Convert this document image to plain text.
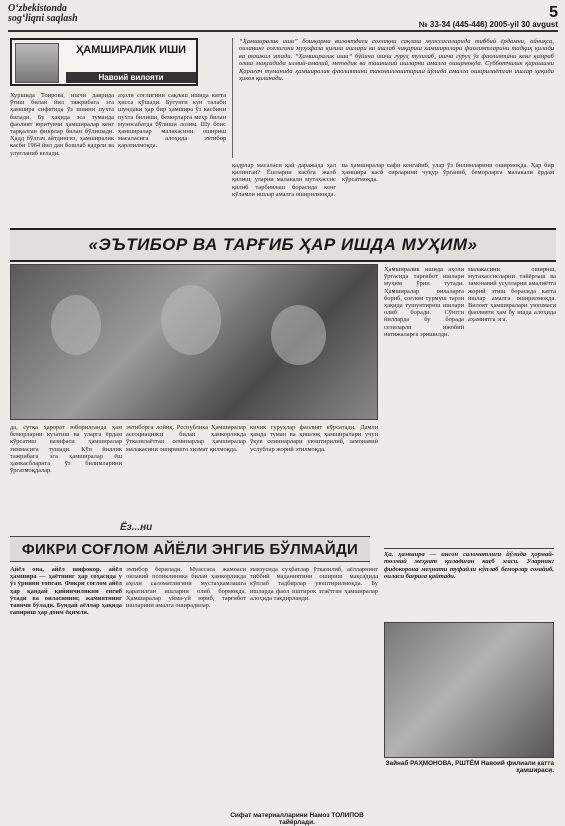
O‘zbekistonda
sog‘liqni saqlash	5
№ 33-34 (445-446) 2005-yil 30 avgust
ҲАМШИРАЛИК ИШИ
Навоий вилояти
“Ҳамширалик иши” бошқарма вилоятдаги соғлиқни сақлаш муассасаларида тиббий ёрдамни, айниқса, оиланинг соғлигини муҳофаза қилиш ишлари ва ишлаб чиқариш хамширалари фаолиятларини тадқиқ қилади ва ташкил этади. “Ҳамширалик иши” бўйича ишчи гуруҳ тузилиб, ишчи гуруҳ ўз фаолиятини кенг қамраб олиш мақсадида илмий-амалий, методик ва ташкилий ишларни амалга оширмоқда. Субботчилик қарашими Қарағач туманида ҳамширалик фаолиятини такомиллаштириш йўлида амалга оширилаётган ишлар ҳақида ҳикоя қилинади.
Хуршида Тоирова, ишчи даврида ўтиш билан йил тажрибага эга ҳамшира сифатида ўз ишини пухта билади. Бу ҳақида эса туманда фаолият юритувчи ҳамширалар кенг тарқалган фикрлар билан бўлишади. Ҳадд бўлгач айтдингиз, ҳамширалик касби 1964 йил дан бошлаб қадрли ва улуғланиб келади.
аҳоли соғлигини сақлаш ишида катта ҳисса қўшади. Бугунги кун талаби шундаки ҳар бир ҳамшира ўз касбини пухта билиши, беморларга меҳр билан муносабатда бўлиши лозим. Шу боис ҳамширалар малакасини ошириш масаласига алоҳида эътибор қаратилмоқда.
қадрлар масаласи қай даражада ҳал қилинган? Ёшларни касбга жалб қилиш, уларни малакали мутахассис қилиб тарбиялаш борасида кенг кўламли ишлар амалга оширилмоқда.
ва ҳамширалар сафи кенгайиб, улар ўз билимларини оширмоқда. Ҳар бир ҳамшира касб сирларини чуқур ўрганиб, беморларга малакали ёрдам кўрсатмоқда.
«ЭЪТИБОР ВА ТАРҒИБ ҲАР ИШДА МУҲИМ»
Ҳамширалик ишида аҳоли ўртасида тарғибот ишлари муҳим ўрин тутади. Ҳамширалар оилаларга бориб, соғлом турмуш тарзи ҳақида тушунтириш ишлари олиб боради. Сўнгги йилларда бу борада сезиларли ижобий натижаларга эришилди.
малакасини ошириш, мутахассисларни тайёрлаш ва замонавий усулларни амалиётга жорий этиш борасида катта ишлар амалга оширилмоқда. Вилоят ҳамширалари уюшмаси фаолияти ҳам бу ишда алоҳида аҳамиятга эга.
да, сутқа ҳарорат юборилганда ҳам беморларни кузатиш ва уларга ёрдам кўрсатиш вазифаси ҳамширалар зиммасига тушади. Кўп йиллик тажрибага эга ҳамширалар ёш ҳамкасбларига ўз билимларини ўргатмоқдалар.
эътиборга лойиқ. Республика Ҳамширалар ассоциацияси билан ҳамкорликда ўтказилаётган семинарлар ҳамширалар малакасини оширишга хизмат қилмоқда.
кичик гуруҳлар фаолият кўрсатади. Дамли ҳамда туман ва қишлоқ ҳамширалари учун ўқув семинарлари уюштирилиб, замонавий услублар жорий этилмоқда.
Ёз...ни
ФИКРИ СОҒЛОМ АЙЁЛИ ЭНГИБ БЎЛМАЙДИ
Айёл она, айёл шифокор, айёл ҳамшира — ҳаётнинг ҳар соҳасида у ўз ўрнини топган. Фикри соғлом айёл ҳар қандай қийинчиликни енгиб ўтади ва оиласининг, жамиятнинг таянчи бўлади. Бундай аёллар ҳақида гапириш ҳар доим ёқимли.
эътибор берилади. Муассаса жамоаси оилавий поликлиника билан ҳамкорликда аҳоли саломатлигини мустаҳкамлашга қаратилган ишларни олиб бормоқда. Ҳамширалар уйма-уй юриб, тарғибот ишларини амалга оширадилар.
мавзусида суҳбатлар ўтказилиб, аёлларнинг тиббий маданиятини ошириш мақсадида кўплаб тадбирлар уюштирилмоқда. Бу ишларда фаол иштирок этаётган ҳамширалар алоҳида тақдирланди.
Ҳа, ҳамшира — инсон саломатлиги йўлида ҳормай-толмай меҳнат қиладиган касб эгаси. Уларнинг фидокорона меҳнати туфайли кўплаб беморлар соғайиб, оиласи бағрига қайтади.
Зайнаб РАҲМОНОВА, РШТЁМ Навоий филиали катта ҳамшираси.
Сифат материалларини Намоз ТОЛИПОВ тайёрлади.
